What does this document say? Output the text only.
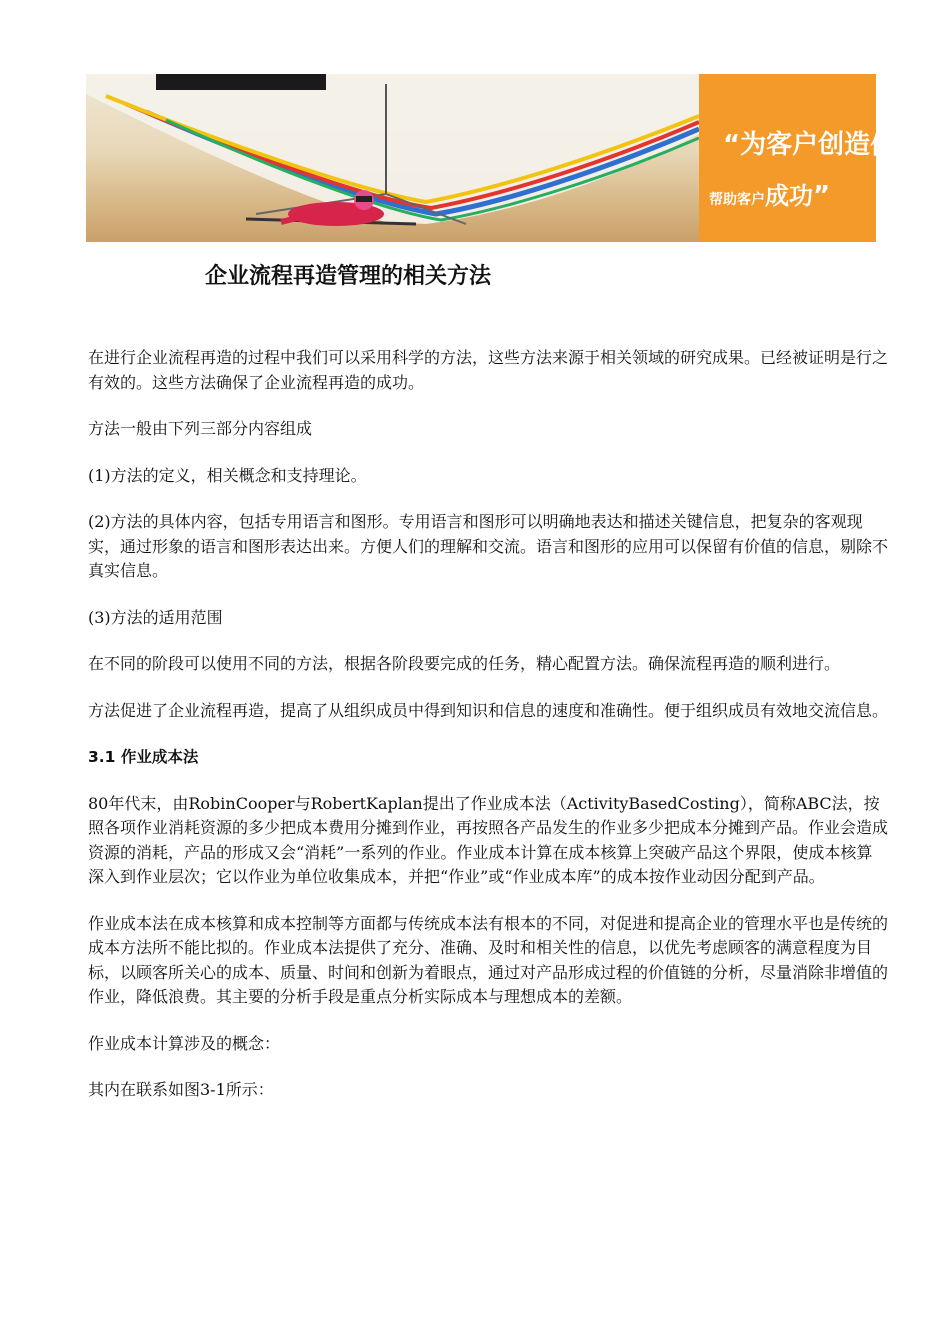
“为客户创造价值，
帮助客户成功”
企业流程再造管理的相关方法

在进行企业流程再造的过程中我们可以采用科学的方法，这些方法来源于相关领域的研究成果。已经被证明是行之有效的。这些方法确保了企业流程再造的成功。

方法一般由下列三部分内容组成

(1)方法的定义，相关概念和支持理论。

(2)方法的具体内容，包括专用语言和图形。专用语言和图形可以明确地表达和描述关键信息，把复杂的客观现实，通过形象的语言和图形表达出来。方便人们的理解和交流。语言和图形的应用可以保留有价值的信息，剔除不真实信息。

(3)方法的适用范围

在不同的阶段可以使用不同的方法，根据各阶段要完成的任务，精心配置方法。确保流程再造的顺利进行。

方法促进了企业流程再造，提高了从组织成员中得到知识和信息的速度和准确性。便于组织成员有效地交流信息。

3.1 作业成本法

80年代末，由RobinCooper与RobertKaplan提出了作业成本法（ActivityBasedCosting），简称ABC法，按照各项作业消耗资源的多少把成本费用分摊到作业，再按照各产品发生的作业多少把成本分摊到产品。作业会造成资源的消耗，产品的形成又会“消耗”一系列的作业。作业成本计算在成本核算上突破产品这个界限，使成本核算深入到作业层次；它以作业为单位收集成本，并把“作业”或“作业成本库”的成本按作业动因分配到产品。

作业成本法在成本核算和成本控制等方面都与传统成本法有根本的不同，对促进和提高企业的管理水平也是传统的成本方法所不能比拟的。作业成本法提供了充分、准确、及时和相关性的信息，以优先考虑顾客的满意程度为目标，以顾客所关心的成本、质量、时间和创新为着眼点，通过对产品形成过程的价值链的分析，尽量消除非增值的作业，降低浪费。其主要的分析手段是重点分析实际成本与理想成本的差额。

作业成本计算涉及的概念：

其内在联系如图3-1所示：
